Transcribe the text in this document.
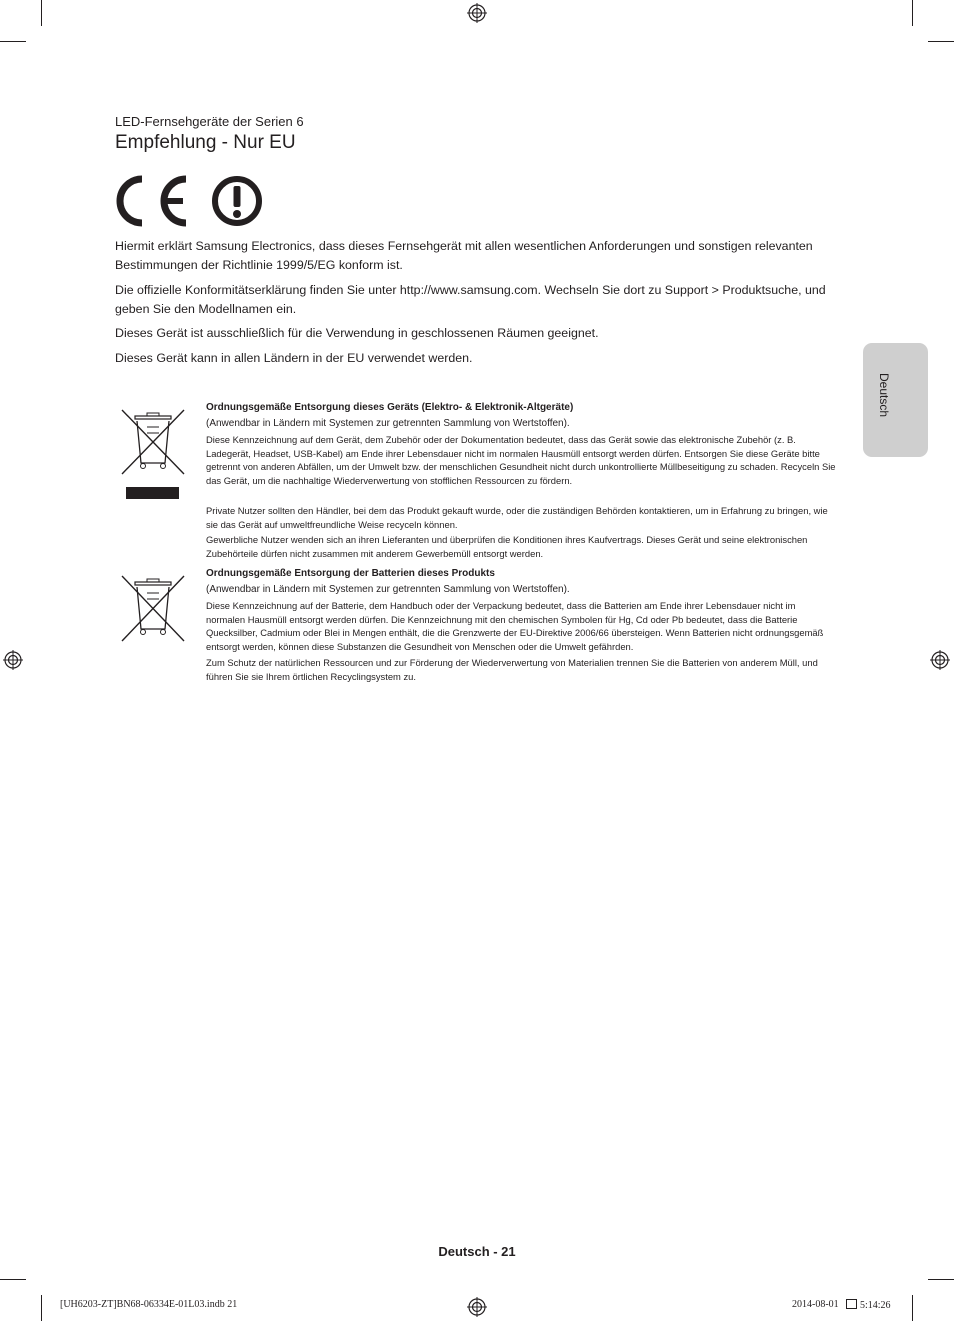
LED-Fernsehgeräte der Serien 6
Empfehlung - Nur EU

Hiermit erklärt Samsung Electronics, dass dieses Fernsehgerät mit allen wesentlichen Anforderungen und sonstigen relevanten Bestimmungen der Richtlinie 1999/5/EG konform ist.

Die offizielle Konformitätserklärung finden Sie unter http://www.samsung.com. Wechseln Sie dort zu Support > Produktsuche, und geben Sie den Modellnamen ein.

Dieses Gerät ist ausschließlich für die Verwendung in geschlossenen Räumen geeignet.

Dieses Gerät kann in allen Ländern in der EU verwendet werden.

Deutsch

Ordnungsgemäße Entsorgung dieses Geräts (Elektro- & Elektronik-Altgeräte)

(Anwendbar in Ländern mit Systemen zur getrennten Sammlung von Wertstoffen).

Diese Kennzeichnung auf dem Gerät, dem Zubehör oder der Dokumentation bedeutet, dass das Gerät sowie das elektronische Zubehör (z. B. Ladegerät, Headset, USB-Kabel) am Ende ihrer Lebensdauer nicht im normalen Hausmüll entsorgt werden dürfen. Entsorgen Sie diese Geräte bitte getrennt von anderen Abfällen, um der Umwelt bzw. der menschlichen Gesundheit nicht durch unkontrollierte Müllbeseitigung zu schaden. Recyceln Sie das Gerät, um die nachhaltige Wiederverwertung von stofflichen Ressourcen zu fördern.

Private Nutzer sollten den Händler, bei dem das Produkt gekauft wurde, oder die zuständigen Behörden kontaktieren, um in Erfahrung zu bringen, wie sie das Gerät auf umweltfreundliche Weise recyceln können.

Gewerbliche Nutzer wenden sich an ihren Lieferanten und überprüfen die Konditionen ihres Kaufvertrags. Dieses Gerät und seine elektronischen Zubehörteile dürfen nicht zusammen mit anderem Gewerbemüll entsorgt werden.

Ordnungsgemäße Entsorgung der Batterien dieses Produkts

(Anwendbar in Ländern mit Systemen zur getrennten Sammlung von Wertstoffen).

Diese Kennzeichnung auf der Batterie, dem Handbuch oder der Verpackung bedeutet, dass die Batterien am Ende ihrer Lebensdauer nicht im normalen Hausmüll entsorgt werden dürfen. Die Kennzeichnung mit den chemischen Symbolen für Hg, Cd oder Pb bedeutet, dass die Batterie Quecksilber, Cadmium oder Blei in Mengen enthält, die die Grenzwerte der EU-Direktive 2006/66 übersteigen. Wenn Batterien nicht ordnungsgemäß entsorgt werden, können diese Substanzen die Gesundheit von Menschen oder die Umwelt gefährden.

Zum Schutz der natürlichen Ressourcen und zur Förderung der Wiederverwertung von Materialien trennen Sie die Batterien von anderem Müll, und führen Sie sie Ihrem örtlichen Recyclingsystem zu.

Deutsch - 21
[UH6203-ZT]BN68-06334E-01L03.indb 21	2014-08-01	5:14:26
